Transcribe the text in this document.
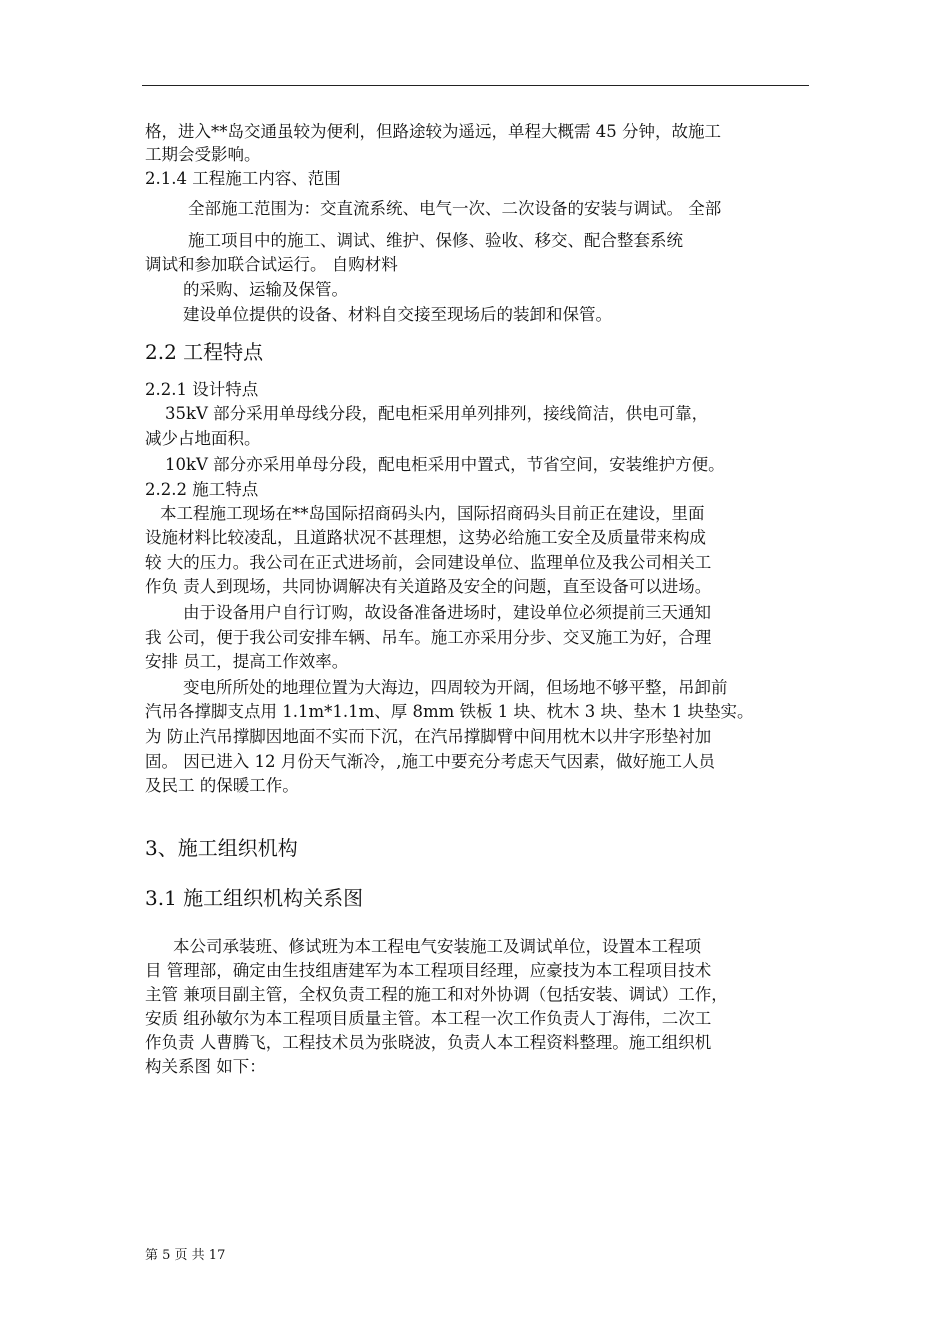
格，进入**岛交通虽较为便利，但路途较为遥远，单程大概需 45 分钟，故施工
工期会受影响。
2.1.4 工程施工内容、范围
全部施工范围为：交直流系统、电气一次、二次设备的安装与调试。 全部
施工项目中的施工、调试、维护、保修、验收、移交、配合整套系统
调试和参加联合试运行。 自购材料
的采购、运输及保管。
建设单位提供的设备、材料自交接至现场后的装卸和保管。
2.2 工程特点
2.2.1 设计特点
35kV 部分采用单母线分段，配电柜采用单列排列，接线简洁，供电可靠，
减少占地面积。
10kV 部分亦采用单母分段，配电柜采用中置式，节省空间，安装维护方便。
2.2.2 施工特点
本工程施工现场在**岛国际招商码头内，国际招商码头目前正在建设，里面
设施材料比较凌乱，且道路状况不甚理想，这势必给施工安全及质量带来构成
较 大的压力。我公司在正式进场前，会同建设单位、监理单位及我公司相关工
作负 责人到现场，共同协调解决有关道路及安全的问题，直至设备可以进场。
由于设备用户自行订购，故设备准备进场时，建设单位必须提前三天通知
我 公司，便于我公司安排车辆、吊车。施工亦采用分步、交叉施工为好，合理
安排 员工，提高工作效率。
变电所所处的地理位置为大海边，四周较为开阔，但场地不够平整，吊卸前
汽吊各撑脚支点用 1.1m*1.1m、厚 8mm 铁板 1 块、枕木 3 块、垫木 1 块垫实。
为 防止汽吊撑脚因地面不实而下沉，在汽吊撑脚臂中间用枕木以井字形垫衬加
固。 因已进入 12 月份天气渐冷，,施工中要充分考虑天气因素，做好施工人员
及民工 的保暖工作。
3、施工组织机构
3.1 施工组织机构关系图
本公司承装班、修试班为本工程电气安装施工及调试单位，设置本工程项
目 管理部，确定由生技组唐建军为本工程项目经理，应豪技为本工程项目技术
主管 兼项目副主管，全权负责工程的施工和对外协调（包括安装、调试）工作，
安质 组孙敏尔为本工程项目质量主管。本工程一次工作负责人丁海伟，二次工
作负责 人曹腾飞，工程技术员为张晓波，负责人本工程资料整理。施工组织机
构关系图 如下：
第 5 页 共 17
